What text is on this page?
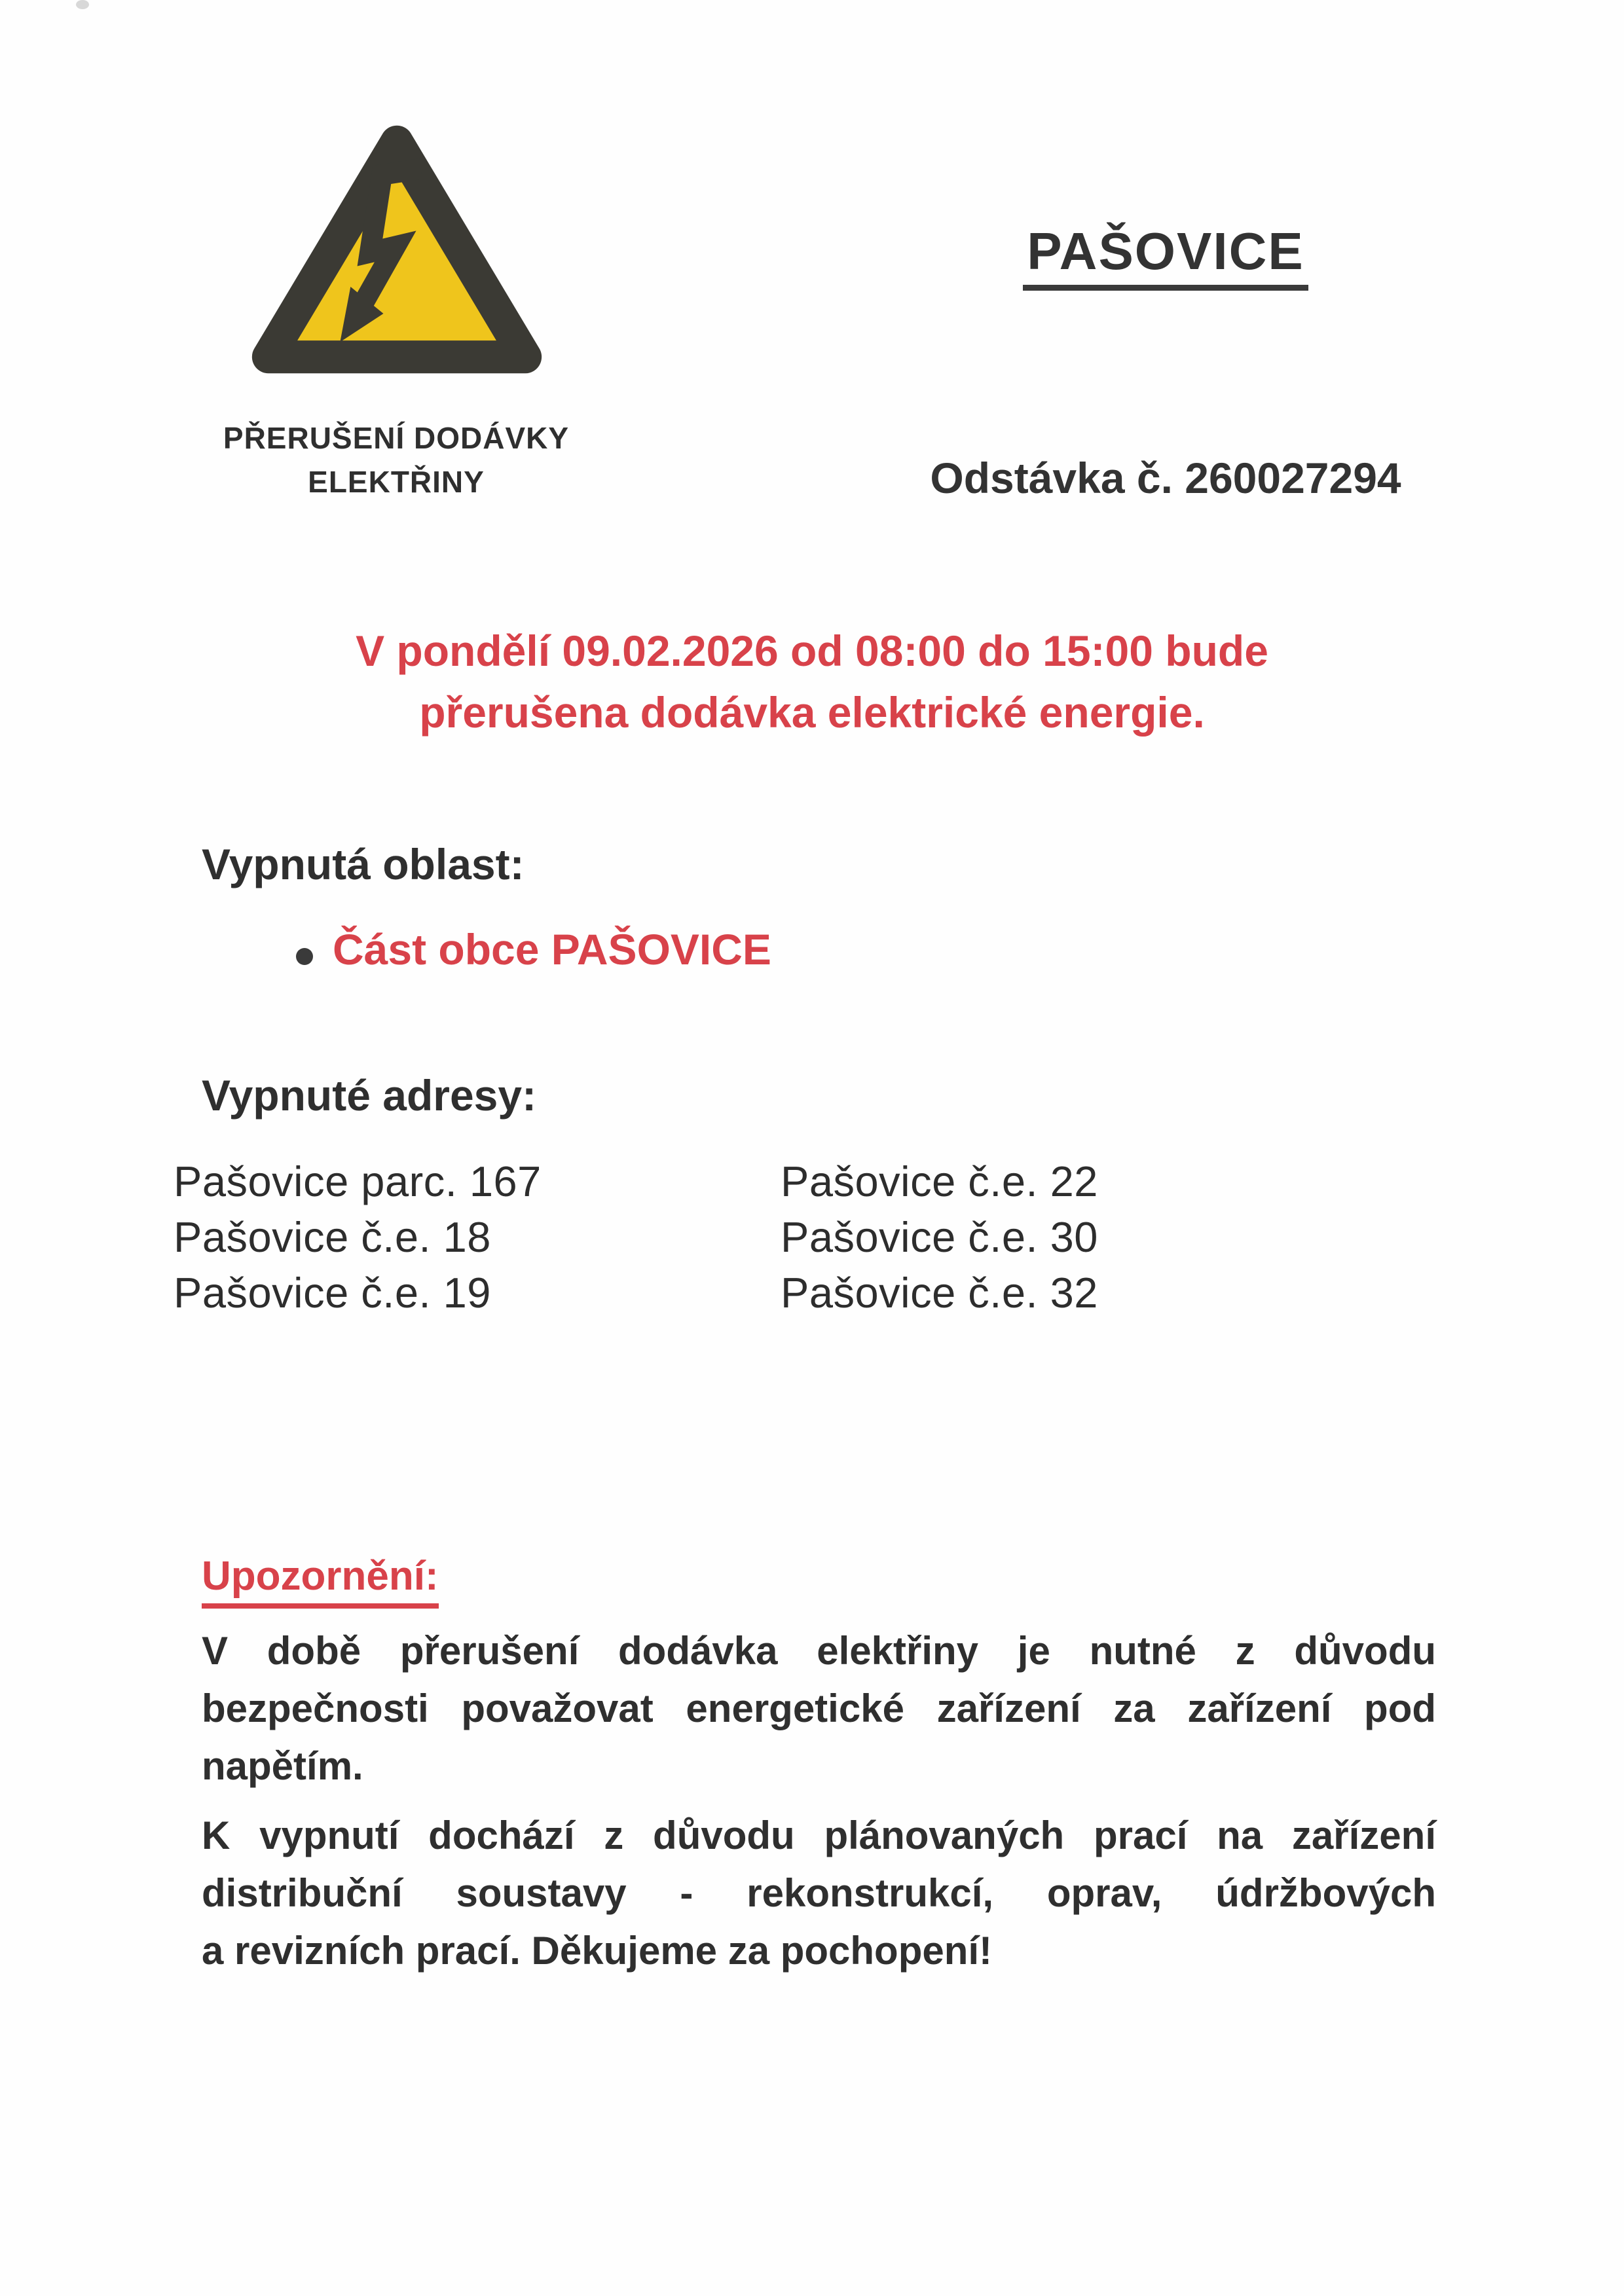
PŘERUŠENÍ DODÁVKY
ELEKTŘINY
PAŠOVICE
Odstávka č. 260027294
V pondělí 09.02.2026 od 08:00 do 15:00 bude
přerušena dodávka elektrické energie.
Vypnutá oblast:
Část obce PAŠOVICE
Vypnuté adresy:
Pašovice parc. 167
Pašovice č.e. 18
Pašovice č.e. 19
Pašovice č.e. 22
Pašovice č.e. 30
Pašovice č.e. 32
Upozornění:
V době přerušení dodávka elektřiny je nutné z důvodu
bezpečnosti považovat energetické zařízení za zařízení pod
napětím.
K vypnutí dochází z důvodu plánovaných prací na zařízení
distribuční soustavy - rekonstrukcí, oprav, údržbových
a revizních prací. Děkujeme za pochopení!
